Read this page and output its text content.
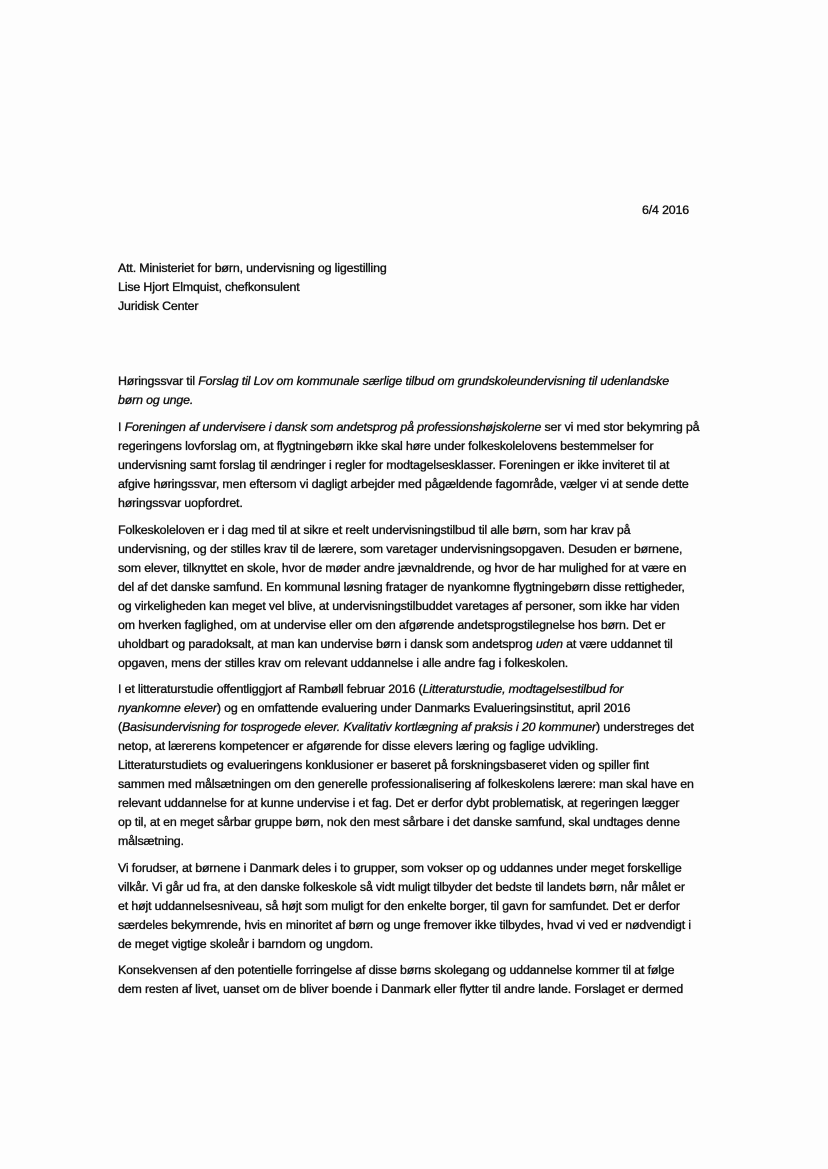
6/4 2016
Att. Ministeriet for børn, undervisning og ligestilling
Lise Hjort Elmquist, chefkonsulent
Juridisk Center
Høringssvar til Forslag til Lov om kommunale særlige tilbud om grundskoleundervisning til udenlandske
børn og unge.
I Foreningen af undervisere i dansk som andetsprog på professionshøjskolerne ser vi med stor bekymring på
regeringens lovforslag om, at flygtningebørn ikke skal høre under folkeskolelovens bestemmelser for
undervisning samt forslag til ændringer i regler for modtagelsesklasser. Foreningen er ikke inviteret til at
afgive høringssvar, men eftersom vi dagligt arbejder med pågældende fagområde, vælger vi at sende dette
høringssvar uopfordret.
Folkeskoleloven er i dag med til at sikre et reelt undervisningstilbud til alle børn, som har krav på
undervisning, og der stilles krav til de lærere, som varetager undervisningsopgaven. Desuden er børnene,
som elever, tilknyttet en skole, hvor de møder andre jævnaldrende, og hvor de har mulighed for at være en
del af det danske samfund. En kommunal løsning fratager de nyankomne flygtningebørn disse rettigheder,
og virkeligheden kan meget vel blive, at undervisningstilbuddet varetages af personer, som ikke har viden
om hverken faglighed, om at undervise eller om den afgørende andetsprogstilegnelse hos børn. Det er
uholdbart og paradoksalt, at man kan undervise børn i dansk som andetsprog uden at være uddannet til
opgaven, mens der stilles krav om relevant uddannelse i alle andre fag i folkeskolen.
I et litteraturstudie offentliggjort af Rambøll februar 2016 (Litteraturstudie, modtagelsestilbud for
nyankomne elever) og en omfattende evaluering under Danmarks Evalueringsinstitut, april 2016
(Basisundervisning for tosprogede elever. Kvalitativ kortlægning af praksis i 20 kommuner) understreges det
netop, at lærerens kompetencer er afgørende for disse elevers læring og faglige udvikling.
Litteraturstudiets og evalueringens konklusioner er baseret på forskningsbaseret viden og spiller fint
sammen med målsætningen om den generelle professionalisering af folkeskolens lærere: man skal have en
relevant uddannelse for at kunne undervise i et fag. Det er derfor dybt problematisk, at regeringen lægger
op til, at en meget sårbar gruppe børn, nok den mest sårbare i det danske samfund, skal undtages denne
målsætning.
Vi forudser, at børnene i Danmark deles i to grupper, som vokser op og uddannes under meget forskellige
vilkår. Vi går ud fra, at den danske folkeskole så vidt muligt tilbyder det bedste til landets børn, når målet er
et højt uddannelsesniveau, så højt som muligt for den enkelte borger, til gavn for samfundet. Det er derfor
særdeles bekymrende, hvis en minoritet af børn og unge fremover ikke tilbydes, hvad vi ved er nødvendigt i
de meget vigtige skoleår i barndom og ungdom.
Konsekvensen af den potentielle forringelse af disse børns skolegang og uddannelse kommer til at følge
dem resten af livet, uanset om de bliver boende i Danmark eller flytter til andre lande. Forslaget er dermed
